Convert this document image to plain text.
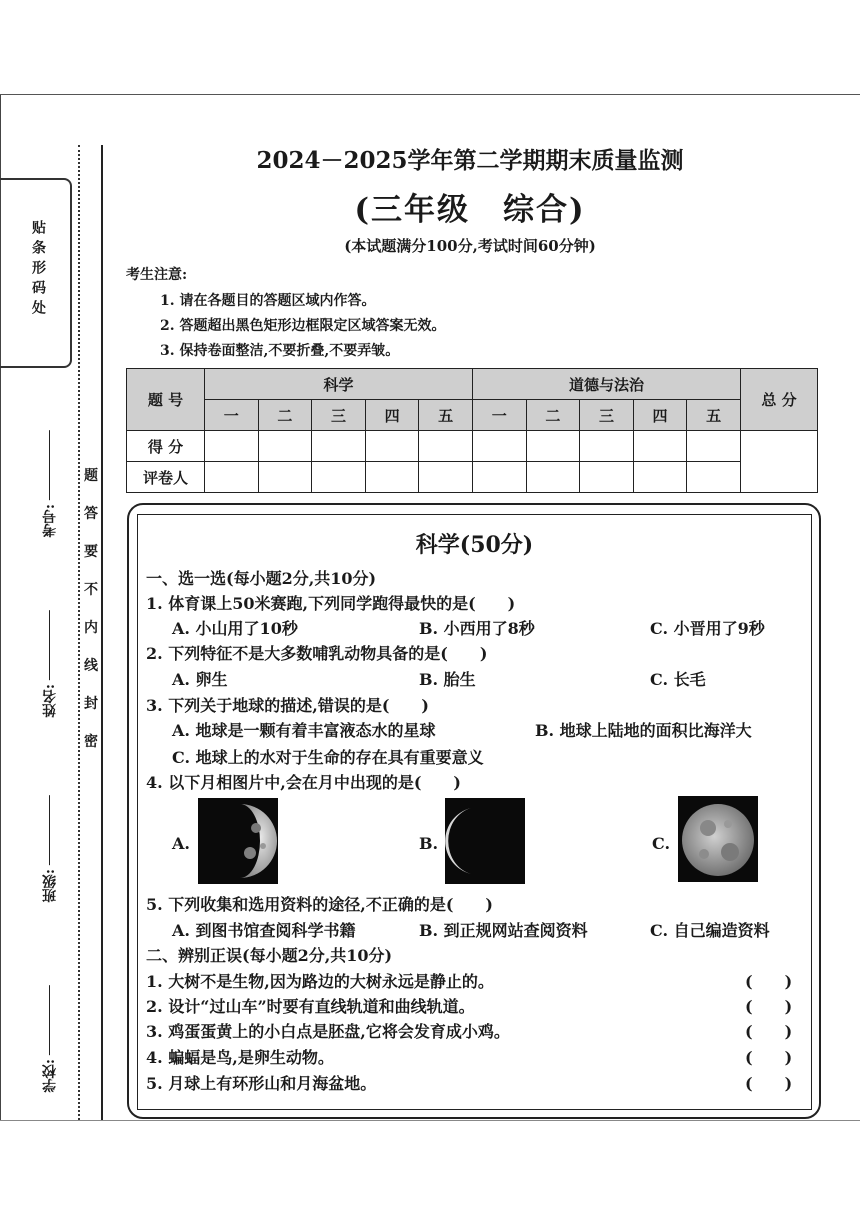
贴条形码处
题
答
要
不
内
线
封
密
考号:
姓名:
班级:
学校:
2024－2025学年第二学期期末质量监测
(三年级　综合)
(本试题满分100分,考试时间60分钟)
考生注意:
1. 请在各题目的答题区域内作答。
2. 答题超出黑色矩形边框限定区域答案无效。
3. 保持卷面整洁,不要折叠,不要弄皱。
题 号	科学					道德与法治					总 分
	一	二	三	四	五	一	二	三	四	五	
得 分											
评卷人											
科学(50分)
一、选一选(每小题2分,共10分)
1. 体育课上50米赛跑,下列同学跑得最快的是(　　)
A. 小山用了10秒	B. 小西用了8秒	C. 小晋用了9秒
2. 下列特征不是大多数哺乳动物具备的是(　　)
A. 卵生	B. 胎生	C. 长毛
3. 下列关于地球的描述,错误的是(　　)
A. 地球是一颗有着丰富液态水的星球	B. 地球上陆地的面积比海洋大
C. 地球上的水对于生命的存在具有重要意义
4. 以下月相图片中,会在月中出现的是(　　)
A.	B.	C.
5. 下列收集和选用资料的途径,不正确的是(　　)
A. 到图书馆查阅科学书籍	B. 到正规网站查阅资料	C. 自己编造资料
二、辨别正误(每小题2分,共10分)
1. 大树不是生物,因为路边的大树永远是静止的。	(　　)
2. 设计“过山车”时要有直线轨道和曲线轨道。	(　　)
3. 鸡蛋蛋黄上的小白点是胚盘,它将会发育成小鸡。	(　　)
4. 蝙蝠是鸟,是卵生动物。	(　　)
5. 月球上有环形山和月海盆地。	(　　)
